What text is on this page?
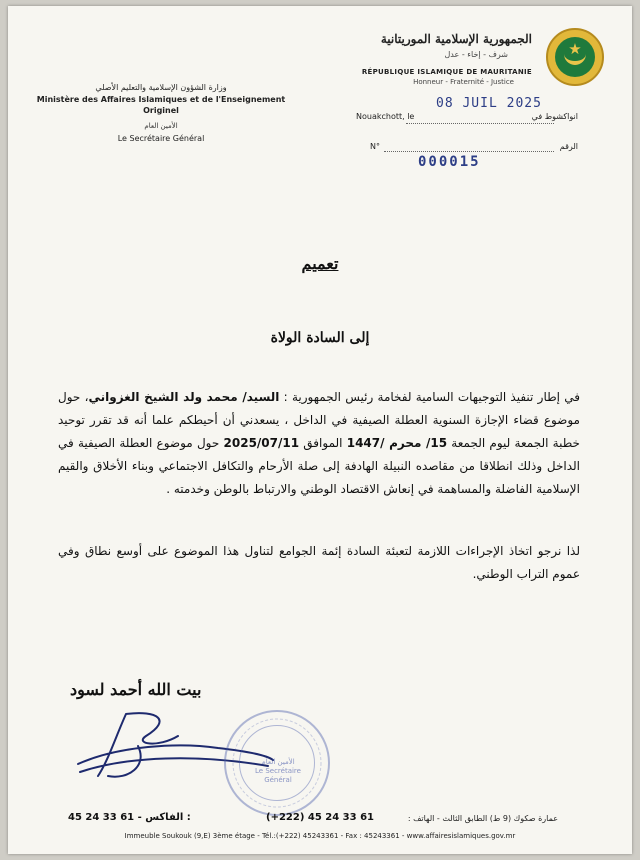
★
الجمهورية الإسلامية الموريتانية
شرف - إخاء - عدل
RÉPUBLIQUE ISLAMIQUE DE MAURITANIE
Honneur - Fraternité - Justice
وزارة الشؤون الإسلامية والتعليم الأصلي
Ministère des Affaires Islamiques et de l'Enseignement
Originel
الأمين العام
Le Secrétaire Général
Nouakchott, le
08 JUIL 2025
انواكشوط في
N°	الرقم
000015
تعميم
إلى السادة الولاة
في إطار تنفيذ التوجيهات السامية لفخامة رئيس الجمهورية : السيد/ محمد ولد الشيخ الغزواني، حول موضوع قضاء الإجازة السنوية العطلة الصيفية في الداخل ، يسعدني أن أحيطكم علما أنه قد تقرر توحيد خطبة الجمعة ليوم الجمعة 15/ محرم /1447 الموافق 2025/07/11 حول موضوع العطلة الصيفية في الداخل وذلك انطلاقا من مقاصده النبيلة الهادفة إلى صلة الأرحام والتكافل الاجتماعي وبناء الأخلاق والقيم الإسلامية الفاضلة والمساهمة في إنعاش الاقتصاد الوطني والارتباط بالوطن وخدمته .
لذا نرجو اتخاذ الإجراءات اللازمة لتعبئة السادة إئمة الجوامع لتناول هذا الموضوع على أوسع نطاق وفي عموم التراب الوطني.
بيت الله أحمد لسود
الأمين العام
Le Secrétaire
Général
45 24 33 61 - الفاكس :	(+222) 45 24 33 61	عمارة صكوك (9 ط) الطابق الثالث - الهاتف :
Immeuble Soukouk (9,E) 3ème étage - Tél.:(+222) 45243361 - Fax : 45243361 - www.affairesislamiques.gov.mr
